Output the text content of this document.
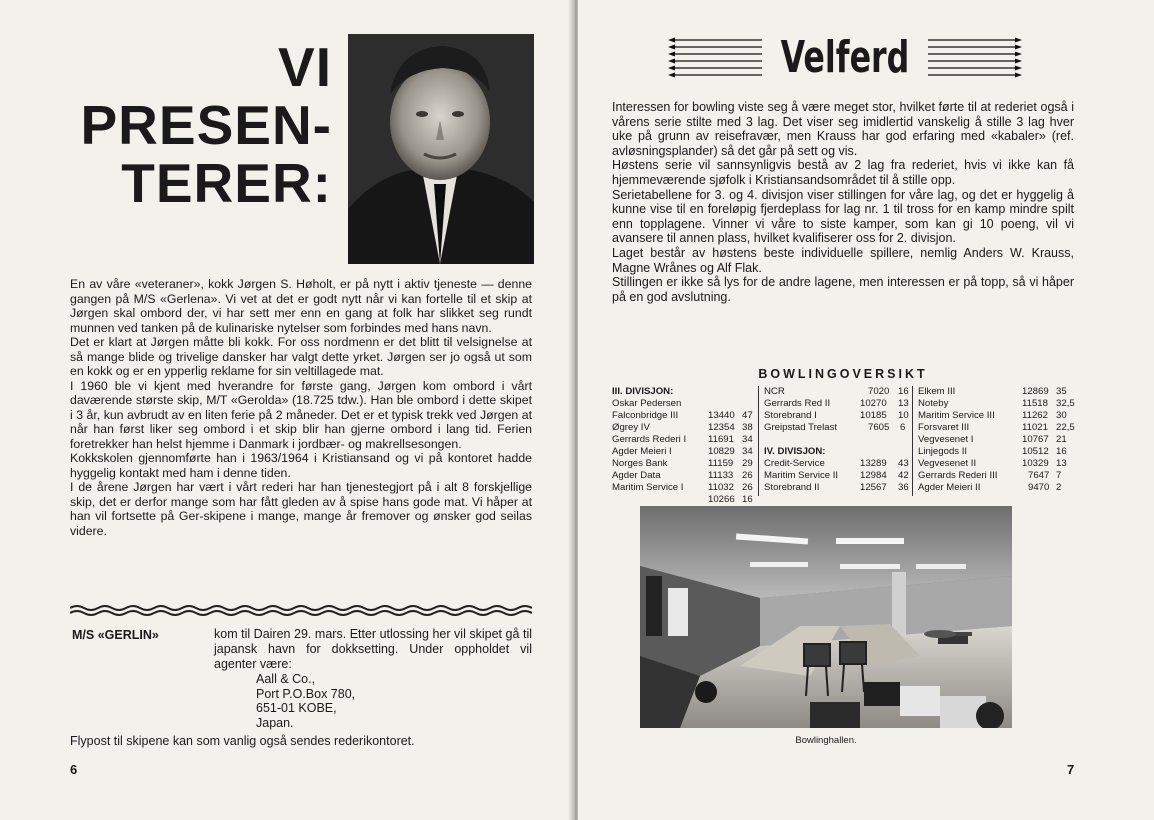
VI
PRESEN-
TERER:

En av våre «veteraner», kokk Jørgen S. Høholt, er på nytt i aktiv tjeneste — denne gangen på M/S «Gerlena». Vi vet at det er godt nytt når vi kan fortelle til et skip at Jørgen skal ombord der, vi har sett mer enn en gang at folk har slikket seg rundt munnen ved tanken på de kulinariske nytelser som forbindes med hans navn.

Det er klart at Jørgen måtte bli kokk. For oss nordmenn er det blitt til velsignelse at så mange blide og trivelige dansker har valgt dette yrket. Jørgen ser jo også ut som en kokk og er en ypperlig reklame for sin veltillagede mat.

I 1960 ble vi kjent med hverandre for første gang, Jørgen kom ombord i vårt daværende største skip, M/T «Gerolda» (18.725 tdw.). Han ble ombord i dette skipet i 3 år, kun avbrudt av en liten ferie på 2 måneder. Det er et typisk trekk ved Jørgen at når han først liker seg ombord i et skip blir han gjerne ombord i lang tid. Ferien foretrekker han helst hjemme i Danmark i jordbær- og makrellsesongen.

Kokkskolen gjennomførte han i 1963/1964 i Kristiansand og vi på kontoret hadde hyggelig kontakt med ham i denne tiden.

I de årene Jørgen har vært i vårt rederi har han tjenestegjort på i alt 8 forskjellige skip, det er derfor mange som har fått gleden av å spise hans gode mat. Vi håper at han vil fortsette på Ger-skipene i mange, mange år fremover og ønsker god seilas videre.

M/S «GERLIN»	kom til Dairen 29. mars. Etter utlossing her vil skipet gå til japansk havn for dokksetting. Under oppholdet vil agenter være:
Aall & Co.,
Port P.O.Box 780,
651-01 KOBE,
Japan.
Flypost til skipene kan som vanlig også sendes rederikontoret.
6
Velferd

Interessen for bowling viste seg å være meget stor, hvilket førte til at rederiet også i vårens serie stilte med 3 lag. Det viser seg imidlertid vanskelig å stille 3 lag hver uke på grunn av reisefravær, men Krauss har god erfaring med «kabaler» (ref. avløsningsplander) så det går på sett og vis.

Høstens serie vil sannsynligvis bestå av 2 lag fra rederiet, hvis vi ikke kan få hjemmeværende sjøfolk i Kristiansandsområdet til å stille opp.

Serietabellene for 3. og 4. divisjon viser stillingen for våre lag, og det er hyggelig å kunne vise til en foreløpig fjerdeplass for lag nr. 1 til tross for en kamp mindre spilt enn topplagene. Vinner vi våre to siste kamper, som kan gi 10 poeng, vil vi avansere til annen plass, hvilket kvalifiserer oss for 2. divisjon.

Laget består av høstens beste individuelle spillere, nemlig Anders W. Krauss, Magne Wrånes og Alf Flak.

Stillingen er ikke så lys for de andre lagene, men interessen er på topp, så vi håper på en god avslutning.

BOWLINGOVERSIKT
III. DIVISJON:
Oskar Pedersen
Falconbridge III	13440 47
Øgrey IV	12354 38
Gerrards Rederi I 11691 34
Agder Meieri I	10829 34
Norges Bank	11159 29
Agder Data	11133 26
Maritim Service I	11032 26
10266 16
NCR	7020 16
Gerrards Red II	10270 13
Storebrand I	10185 10
Greipstad Trelast	7605 6
IV. DIVISJON:
Credit-Service	13289 43
Maritim Service II 12984 42
Storebrand II	12567 36
Elkem III	12869 35
Noteby	11518 32,5
Maritim Service III	11262 30
Forsvaret III	11021 22,5
Vegvesenet I	10767 21
Linjegods II	10512 16
Vegvesenet II	10329 13
Gerrards Rederi III	7647 7
Agder Meieri II	9470 2
Bowlinghallen.
7
